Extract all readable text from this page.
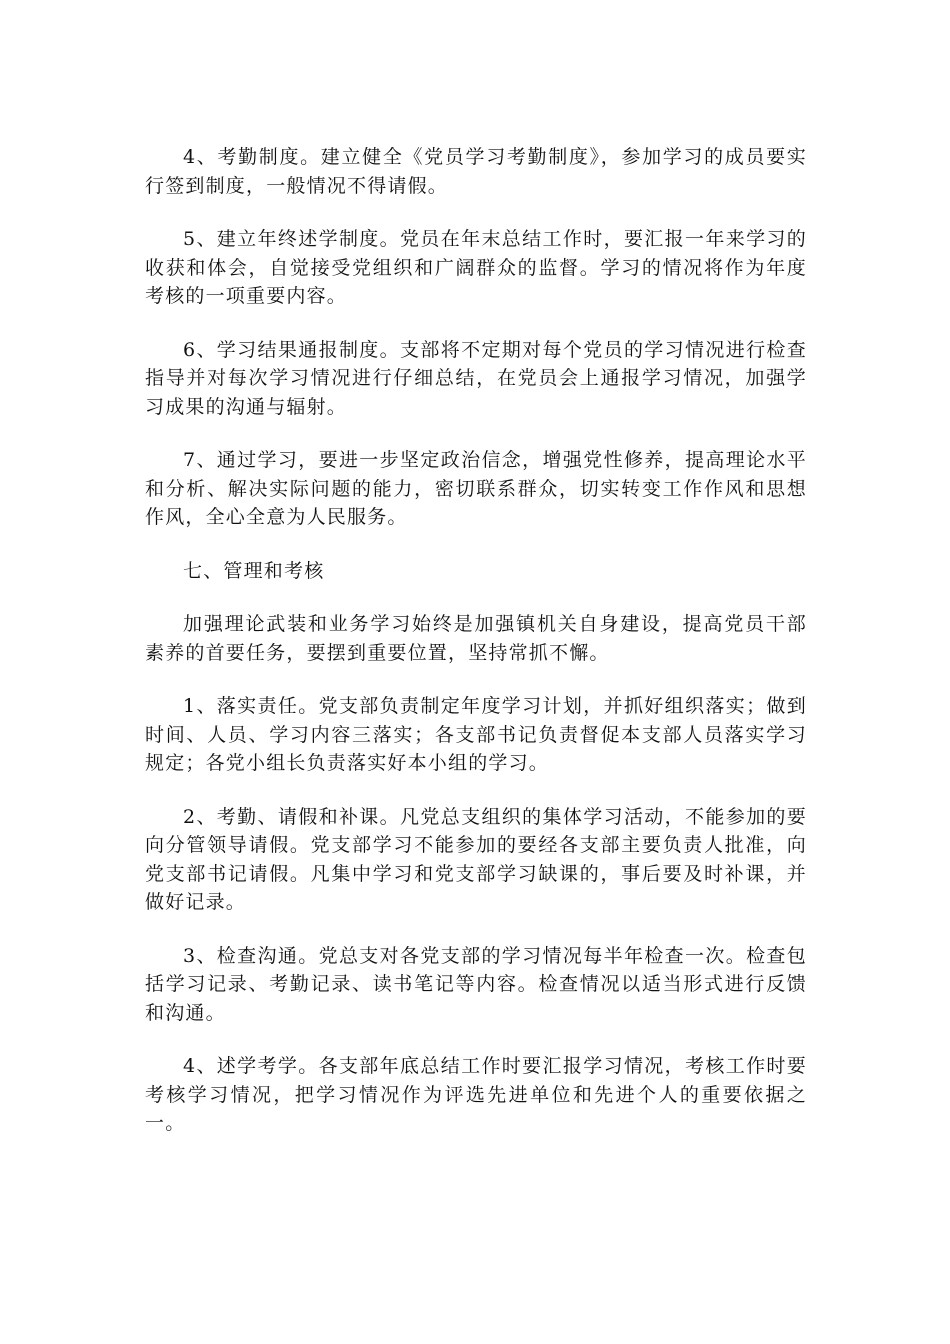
4、考勤制度。建立健全《党员学习考勤制度》，参加学习的成员要实行签到制度，一般情况不得请假。

5、建立年终述学制度。党员在年末总结工作时，要汇报一年来学习的收获和体会，自觉接受党组织和广阔群众的监督。学习的情况将作为年度考核的一项重要内容。

6、学习结果通报制度。支部将不定期对每个党员的学习情况进行检查指导并对每次学习情况进行仔细总结，在党员会上通报学习情况，加强学习成果的沟通与辐射。

7、通过学习，要进一步坚定政治信念，增强党性修养，提高理论水平和分析、解决实际问题的能力，密切联系群众，切实转变工作作风和思想作风，全心全意为人民服务。

七、管理和考核

加强理论武装和业务学习始终是加强镇机关自身建设，提高党员干部素养的首要任务，要摆到重要位置，坚持常抓不懈。

1、落实责任。党支部负责制定年度学习计划，并抓好组织落实；做到时间、人员、学习内容三落实；各支部书记负责督促本支部人员落实学习规定；各党小组长负责落实好本小组的学习。

2、考勤、请假和补课。凡党总支组织的集体学习活动，不能参加的要向分管领导请假。党支部学习不能参加的要经各支部主要负责人批准，向党支部书记请假。凡集中学习和党支部学习缺课的，事后要及时补课，并做好记录。

3、检查沟通。党总支对各党支部的学习情况每半年检查一次。检查包括学习记录、考勤记录、读书笔记等内容。检查情况以适当形式进行反馈和沟通。

4、述学考学。各支部年底总结工作时要汇报学习情况，考核工作时要考核学习情况，把学习情况作为评选先进单位和先进个人的重要依据之一。
